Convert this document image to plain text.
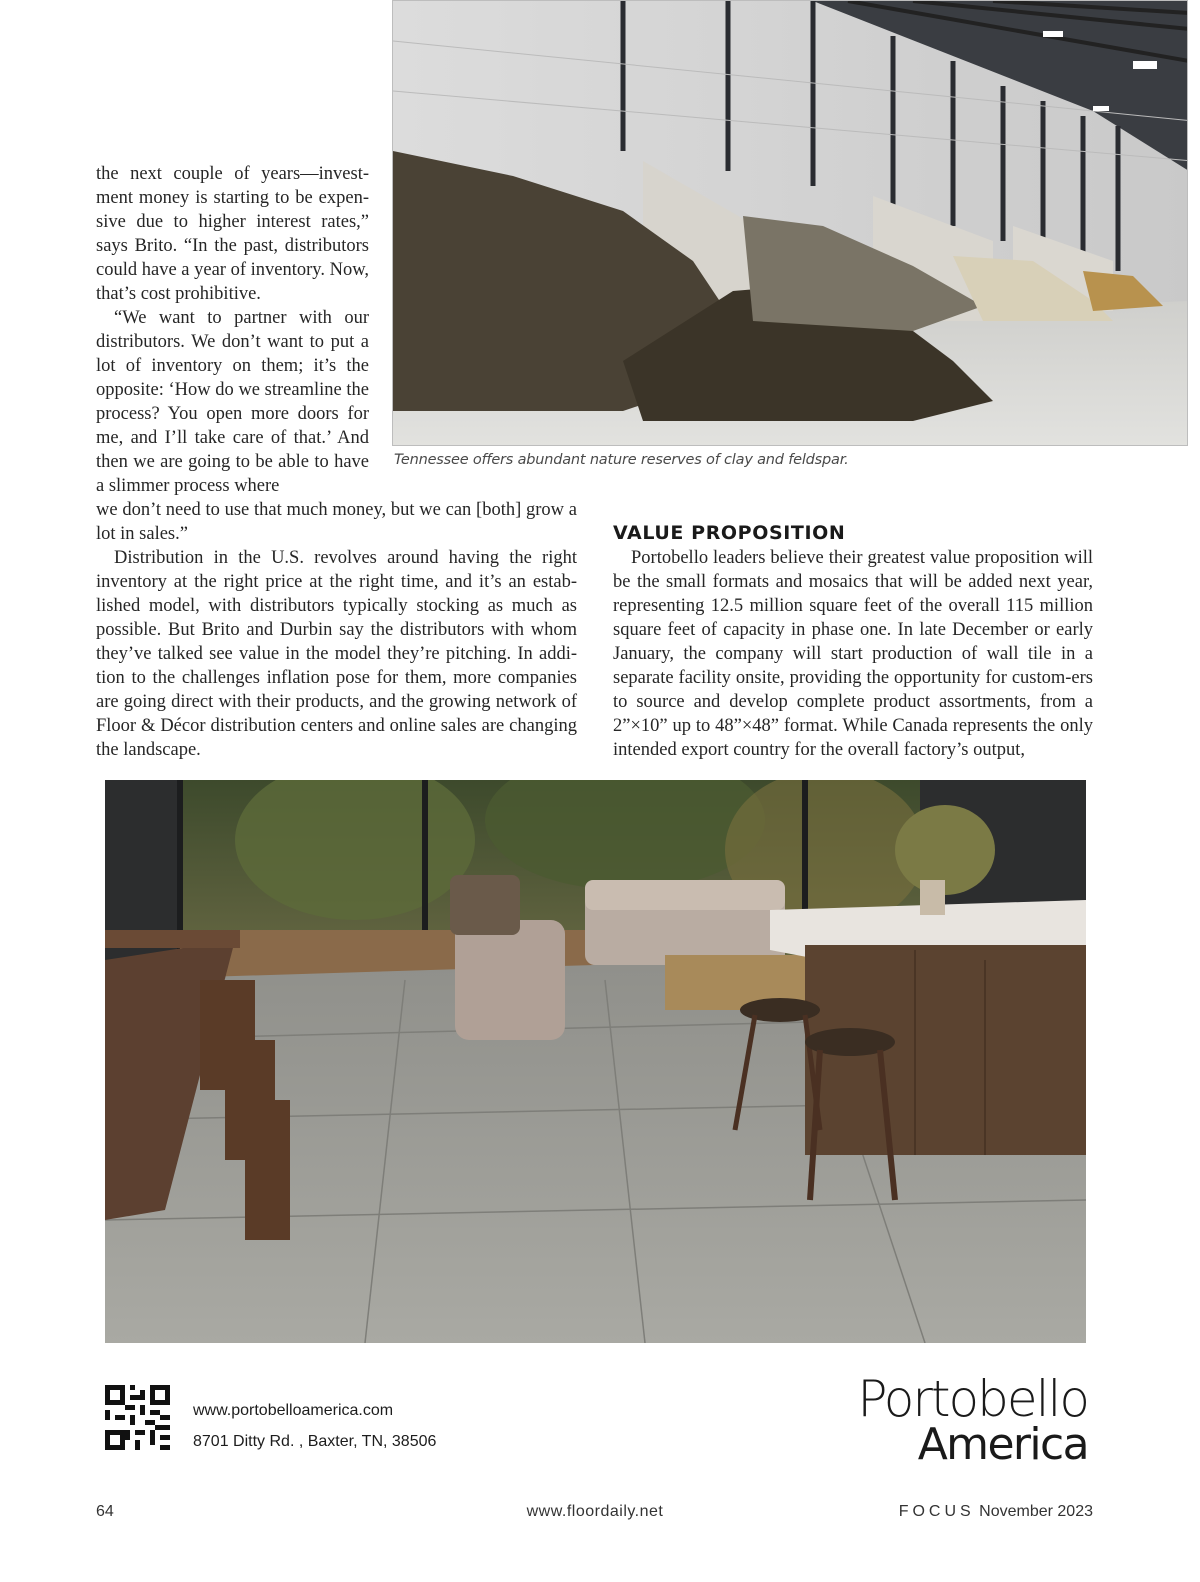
Tennessee offers abundant nature reserves of clay and feldspar.

the next couple of years—invest-ment money is starting to be expen-sive due to higher interest rates,” says Brito. “In the past, distributors could have a year of inventory. Now, that’s cost prohibitive.

“We want to partner with our distributors. We don’t want to put a lot of inventory on them; it’s the opposite: ‘How do we streamline the process? You open more doors for me, and I’ll take care of that.’ And then we are going to be able to have a slimmer process where

we don’t need to use that much money, but we can [both] grow a lot in sales.”

Distribution in the U.S. revolves around having the right inventory at the right price at the right time, and it’s an estab-lished model, with distributors typically stocking as much as possible. But Brito and Durbin say the distributors with whom they’ve talked see value in the model they’re pitching. In addi-tion to the challenges inflation pose for them, more companies are going direct with their products, and the growing network of Floor & Décor distribution centers and online sales are changing the landscape.

VALUE PROPOSITION

Portobello leaders believe their greatest value proposition will be the small formats and mosaics that will be added next year, representing 12.5 million square feet of the overall 115 million square feet of capacity in phase one. In late December or early January, the company will start production of wall tile in a separate facility onsite, providing the opportunity for custom-ers to source and develop complete product assortments, from a 2”×10” up to 48”×48” format. While Canada represents the only intended export country for the overall factory’s output,

www.portobelloamerica.com
8701 Ditty Rd. , Baxter, TN, 38506
Portobello
America
64	www.floordaily.net	FOCUS November 2023
